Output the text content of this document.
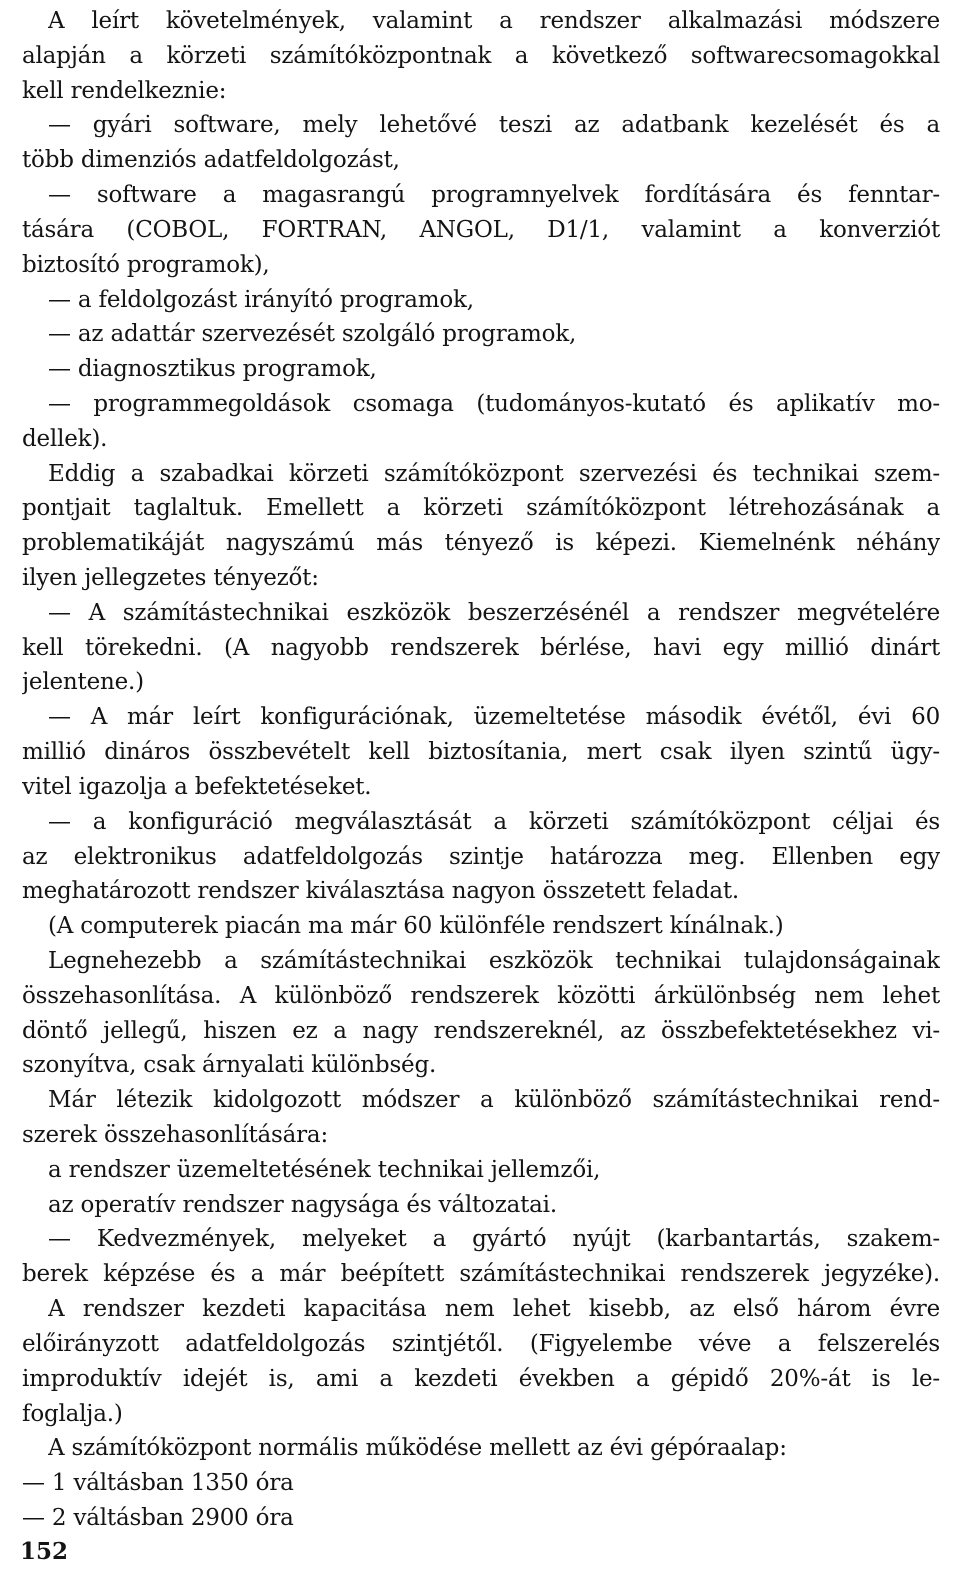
A leírt követelmények, valamint a rendszer alkalmazási módszere
alapján a körzeti számítóközpontnak a következő softwarecsomagokkal
kell rendelkeznie:
— gyári software, mely lehetővé teszi az adatbank kezelését és a
több dimenziós adatfeldolgozást,
— software a magasrangú programnyelvek fordítására és fenntar-
tására (COBOL, FORTRAN, ANGOL, D1/1, valamint a konverziót
biztosító programok),
— a feldolgozást irányító programok,
— az adattár szervezését szolgáló programok,
— diagnosztikus programok,
— programmegoldások csomaga (tudományos-kutató és aplikatív mo-
dellek).
Eddig a szabadkai körzeti számítóközpont szervezési és technikai szem-
pontjait taglaltuk. Emellett a körzeti számítóközpont létrehozásának a
problematikáját nagyszámú más tényező is képezi. Kiemelnénk néhány
ilyen jellegzetes tényezőt:
— A számítástechnikai eszközök beszerzésénél a rendszer megvételére
kell törekedni. (A nagyobb rendszerek bérlése, havi egy millió dinárt
jelentene.)
— A már leírt konfigurációnak, üzemeltetése második évétől, évi 60
millió dináros összbevételt kell biztosítania, mert csak ilyen szintű ügy-
vitel igazolja a befektetéseket.
— a konfiguráció megválasztását a körzeti számítóközpont céljai és
az elektronikus adatfeldolgozás szintje határozza meg. Ellenben egy
meghatározott rendszer kiválasztása nagyon összetett feladat.
(A computerek piacán ma már 60 különféle rendszert kínálnak.)
Legnehezebb a számítástechnikai eszközök technikai tulajdonságainak
összehasonlítása. A különböző rendszerek közötti árkülönbség nem lehet
döntő jellegű, hiszen ez a nagy rendszereknél, az összbefektetésekhez vi-
szonyítva, csak árnyalati különbség.
Már létezik kidolgozott módszer a különböző számítástechnikai rend-
szerek összehasonlítására:
a rendszer üzemeltetésének technikai jellemzői,
az operatív rendszer nagysága és változatai.
— Kedvezmények, melyeket a gyártó nyújt (karbantartás, szakem-
berek képzése és a már beépített számítástechnikai rendszerek jegyzéke).
A rendszer kezdeti kapacitása nem lehet kisebb, az első három évre
előirányzott adatfeldolgozás szintjétől. (Figyelembe véve a felszerelés
improduktív idejét is, ami a kezdeti években a gépidő 20%-át is le-
foglalja.)
A számítóközpont normális működése mellett az évi gépóraalap:
— 1 váltásban 1350 óra
— 2 váltásban 2900 óra
152
